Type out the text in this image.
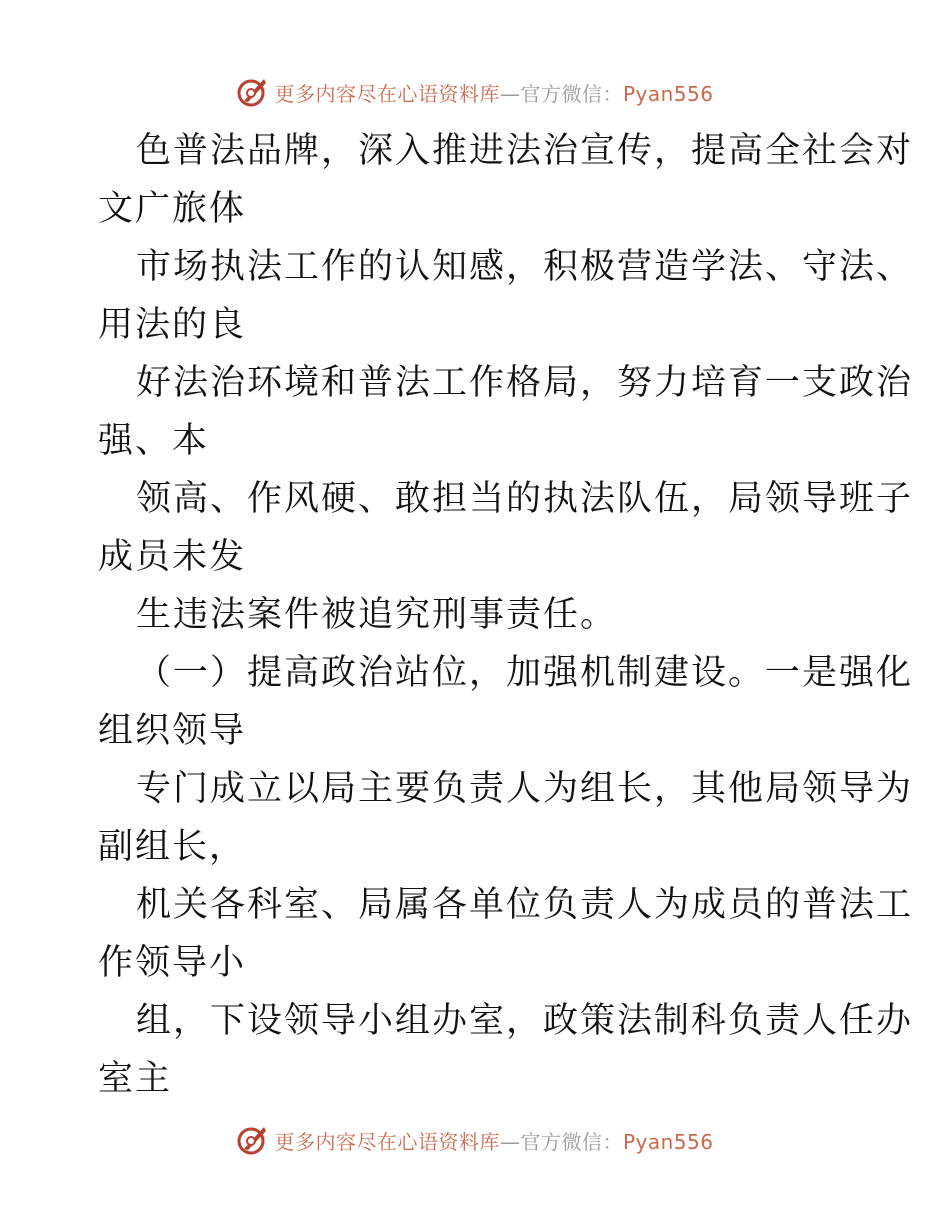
更多内容尽在心语资料库—官方微信：Pyan556
色普法品牌，深入推进法治宣传，提高全社会对
文广旅体
市场执法工作的认知感，积极营造学法、守法、
用法的良
好法治环境和普法工作格局，努力培育一支政治
强、本
领高、作风硬、敢担当的执法队伍，局领导班子
成员未发
生违法案件被追究刑事责任。
（一）提高政治站位，加强机制建设。一是强化
组织领导
专门成立以局主要负责人为组长，其他局领导为
副组长，
机关各科室、局属各单位负责人为成员的普法工
作领导小
组，下设领导小组办室，政策法制科负责人任办
室主
更多内容尽在心语资料库—官方微信：Pyan556
